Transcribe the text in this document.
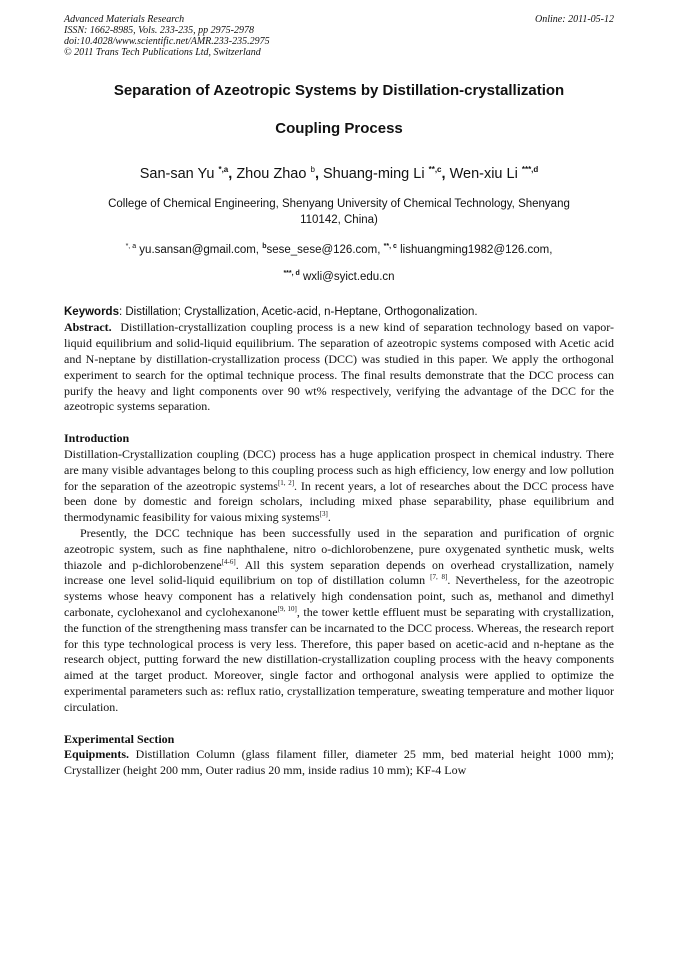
Advanced Materials Research
ISSN: 1662-8985, Vols. 233-235, pp 2975-2978
doi:10.4028/www.scientific.net/AMR.233-235.2975
© 2011 Trans Tech Publications Ltd, Switzerland
Online: 2011-05-12
Separation of Azeotropic Systems by Distillation-crystallization
Coupling Process
San-san Yu $^{*,a}$, Zhou Zhao $^b$, Shuang-ming Li $^{**,c}$, Wen-xiu Li $^{***,d}$
College of Chemical Engineering, Shenyang University of Chemical Technology, Shenyang
110142, China)
$^{*, a}$ yu.sansan@gmail.com, $^b$sese_sese@126.com, $^{**, c}$ lishuangming1982@126.com,
$^{***, d}$ wxli@syict.edu.cn
Keywords: Distillation; Crystallization, Acetic-acid, n-Heptane, Orthogonalization.

Abstract. Distillation-crystallization coupling process is a new kind of separation technology based on vapor-liquid equilibrium and solid-liquid equilibrium. The separation of azeotropic systems composed with Acetic acid and N-neptane by distillation-crystallization process (DCC) was studied in this paper. We apply the orthogonal experiment to search for the optimal technique process. The final results demonstrate that the DCC process can purify the heavy and light components over 90 wt% respectively, verifying the advantage of the DCC for the azeotropic systems separation.

Introduction

Distillation-Crystallization coupling (DCC) process has a huge application prospect in chemical industry. There are many visible advantages belong to this coupling process such as high efficiency, low energy and low pollution for the separation of the azeotropic systems[1, 2]. In recent years, a lot of researches about the DCC process have been done by domestic and foreign scholars, including mixed phase separability, phase equilibrium and thermodynamic feasibility for vaious mixing systems[3].

Presently, the DCC technique has been successfully used in the separation and purification of orgnic azeotropic system, such as fine naphthalene, nitro o-dichlorobenzene, pure oxygenated synthetic musk, welts thiazole and p-dichlorobenzene[4-6]. All this system separation depends on overhead crystallization, namely increase one level solid-liquid equilibrium on top of distillation column [7, 8]. Nevertheless, for the azeotropic systems whose heavy component has a relatively high condensation point, such as, methanol and dimethyl carbonate, cyclohexanol and cyclohexanone[9, 10], the tower kettle effluent must be separating with crystallization, the function of the strengthening mass transfer can be incarnated to the DCC process. Whereas, the research report for this type technological process is very less. Therefore, this paper based on acetic-acid and n-heptane as the research object, putting forward the new distillation-crystallization coupling process with the heavy components aimed at the target product. Moreover, single factor and orthogonal analysis were applied to optimize the experimental parameters such as: reflux ratio, crystallization temperature, sweating temperature and mother liquor circulation.

Experimental Section

Equipments. Distillation Column (glass filament filler, diameter 25 mm, bed material height 1000 mm); Crystallizer (height 200 mm, Outer radius 20 mm, inside radius 10 mm); KF-4 Low
